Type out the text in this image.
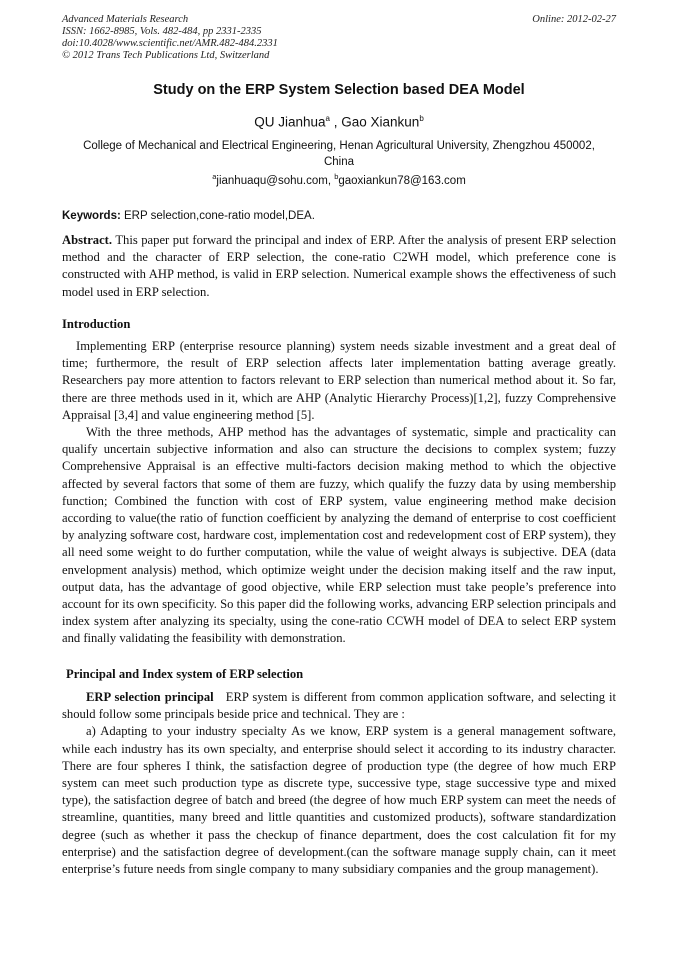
Advanced Materials Research
ISSN: 1662-8985, Vols. 482-484, pp 2331-2335
doi:10.4028/www.scientific.net/AMR.482-484.2331
© 2012 Trans Tech Publications Ltd, Switzerland
Online: 2012-02-27
Study on the ERP System Selection based DEA Model
QU Jianhua$^a$ , Gao Xiankun$^b$
College of Mechanical and Electrical Engineering, Henan Agricultural University, Zhengzhou 450002, China
$^a$jianhuaqu@sohu.com, $^b$gaoxiankun78@163.com
Keywords: ERP selection,cone-ratio model,DEA.

Abstract. This paper put forward the principal and index of ERP. After the analysis of present ERP selection method and the character of ERP selection, the cone-ratio C2WH model, which preference cone is constructed with AHP method, is valid in ERP selection. Numerical example shows the effectiveness of such model used in ERP selection.

Introduction

Implementing ERP (enterprise resource planning) system needs sizable investment and a great deal of time; furthermore, the result of ERP selection affects later implementation batting average greatly. Researchers pay more attention to factors relevant to ERP selection than numerical method about it. So far, there are three methods used in it, which are AHP (Analytic Hierarchy Process)[1,2], fuzzy Comprehensive Appraisal [3,4] and value engineering method [5].

With the three methods, AHP method has the advantages of systematic, simple and practicality can qualify uncertain subjective information and also can structure the decisions to complex system; fuzzy Comprehensive Appraisal is an effective multi-factors decision making method to which the objective affected by several factors that some of them are fuzzy, which qualify the fuzzy data by using membership function; Combined the function with cost of ERP system, value engineering method make decision according to value(the ratio of function coefficient by analyzing the demand of enterprise to cost coefficient by analyzing software cost, hardware cost, implementation cost and redevelopment cost of ERP system), they all need some weight to do further computation, while the value of weight always is subjective. DEA (data envelopment analysis) method, which optimize weight under the decision making itself and the raw input, output data, has the advantage of good objective, while ERP selection must take people’s preference into account for its own specificity. So this paper did the following works, advancing ERP selection principals and index system after analyzing its specialty, using the cone-ratio CCWH model of DEA to select ERP system and finally validating the feasibility with demonstration.

Principal and Index system of ERP selection

ERP selection principal ERP system is different from common application software, and selecting it should follow some principals beside price and technical. They are :

a) Adapting to your industry specialty As we know, ERP system is a general management software, while each industry has its own specialty, and enterprise should select it according to its industry character. There are four spheres I think, the satisfaction degree of production type (the degree of how much ERP system can meet such production type as discrete type, successive type, stage successive type and mixed type), the satisfaction degree of batch and breed (the degree of how much ERP system can meet the needs of streamline, quantities, many breed and little quantities and customized products), software standardization degree (such as whether it pass the checkup of finance department, does the cost calculation fit for my enterprise) and the satisfaction degree of development.(can the software manage supply chain, can it meet enterprise’s future needs from single company to many subsidiary companies and the group management).
